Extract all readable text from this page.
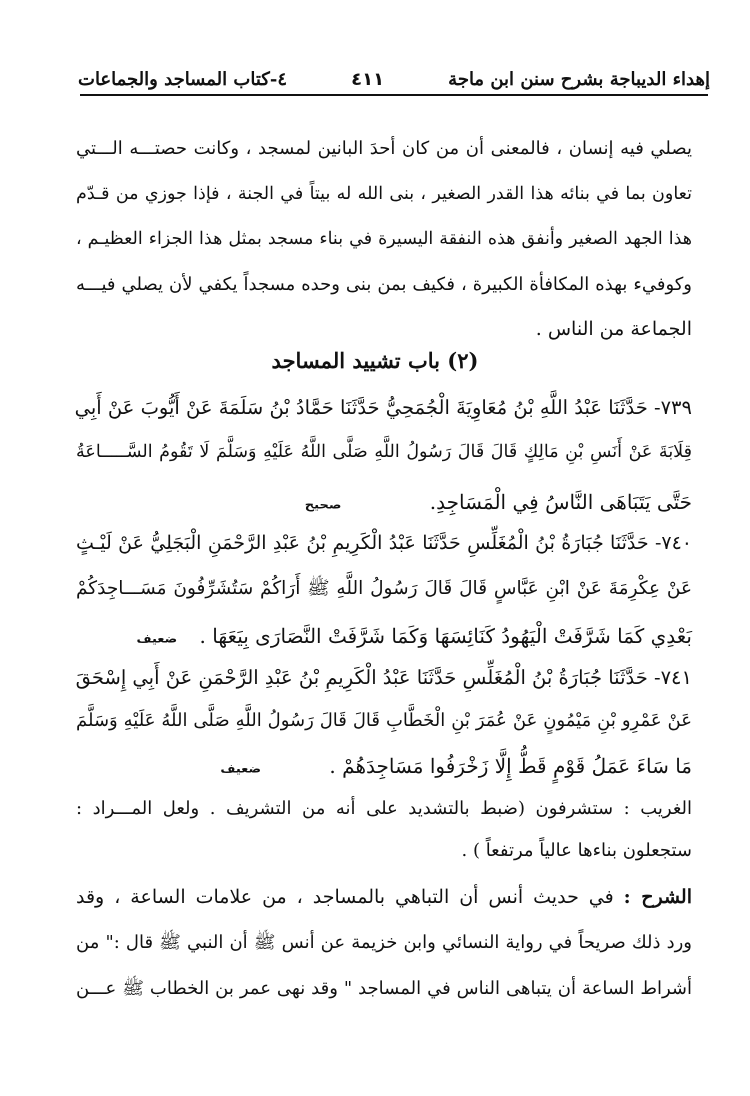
إهداء الديباجة بشرح سنن ابن ماجة
٤١١
٤-كتاب المساجد والجماعات
يصلي فيه إنسان ، فالمعنى أن من كان أحدَ البانين لمسجد ، وكانت حصتـــه الـــتي
تعاون بما في بنائه هذا القدر الصغير ، بنى الله له بيتاً في الجنة ، فإذا جوزي من قـدّم
هذا الجهد الصغير وأنفق هذه النفقة اليسيرة في بناء مسجد بمثل هذا الجزاء العظيـم ،
وكوفيء بهذه المكافأة الكبيرة ، فكيف بمن بنى وحده مسجداً يكفي لأن يصلي فيـــه
الجماعة من الناس .
(٢) باب تشييد المساجد
٧٣٩- حَدَّثَنَا عَبْدُ اللَّهِ بْنُ مُعَاوِيَةَ الْجُمَحِيُّ حَدَّثَنَا حَمَّادُ بْنُ سَلَمَةَ عَنْ أَيُّوبَ عَنْ أَبِي
قِلَابَةَ عَنْ أَنَسِ بْنِ مَالِكٍ قَالَ قَالَ رَسُولُ اللَّهِ صَلَّى اللَّهُ عَلَيْهِ وَسَلَّمَ لَا تَقُومُ السَّـــــاعَةُ
حَتَّى يَتَبَاهَى النَّاسُ فِي الْمَسَاجِدِ. صحيح
٧٤٠- حَدَّثَنَا جُبَارَةُ بْنُ الْمُغَلِّسِ حَدَّثَنَا عَبْدُ الْكَرِيمِ بْنُ عَبْدِ الرَّحْمَنِ الْبَجَلِيُّ عَنْ لَيْـثٍ
عَنْ عِكْرِمَةَ عَنْ ابْنِ عَبَّاسٍ قَالَ قَالَ رَسُولُ اللَّهِ ﷺ أَرَاكُمْ سَتُشَرِّفُونَ مَسَـــاجِدَكُمْ
بَعْدِي كَمَا شَرَّفَتْ الْيَهُودُ كَنَائِسَهَا وَكَمَا شَرَّفَتْ النَّصَارَى بِيَعَهَا . ضعيف
٧٤١- حَدَّثَنَا جُبَارَةُ بْنُ الْمُغَلِّسِ حَدَّثَنَا عَبْدُ الْكَرِيمِ بْنُ عَبْدِ الرَّحْمَنِ عَنْ أَبِي إِسْحَقَ
عَنْ عَمْرِو بْنِ مَيْمُونٍ عَنْ عُمَرَ بْنِ الْخَطَّابِ قَالَ قَالَ رَسُولُ اللَّهِ صَلَّى اللَّهُ عَلَيْهِ وَسَلَّمَ
مَا سَاءَ عَمَلُ قَوْمٍ قَطُّ إِلَّا زَخْرَفُوا مَسَاجِدَهُمْ . ضعيف
الغريب : ستشرفون (ضبط بالتشديد على أنه من التشريف . ولعل المـــراد :
ستجعلون بناءها عالياً مرتفعاً ) .
الشرح : في حديث أنس أن التباهي بالمساجد ، من علامات الساعة ، وقد
ورد ذلك صريحاً في رواية النسائي وابن خزيمة عن أنس ﷺ أن النبي ﷺ قال :" من
أشراط الساعة أن يتباهى الناس في المساجد " وقد نهى عمر بن الخطاب ﷺ عـــن
